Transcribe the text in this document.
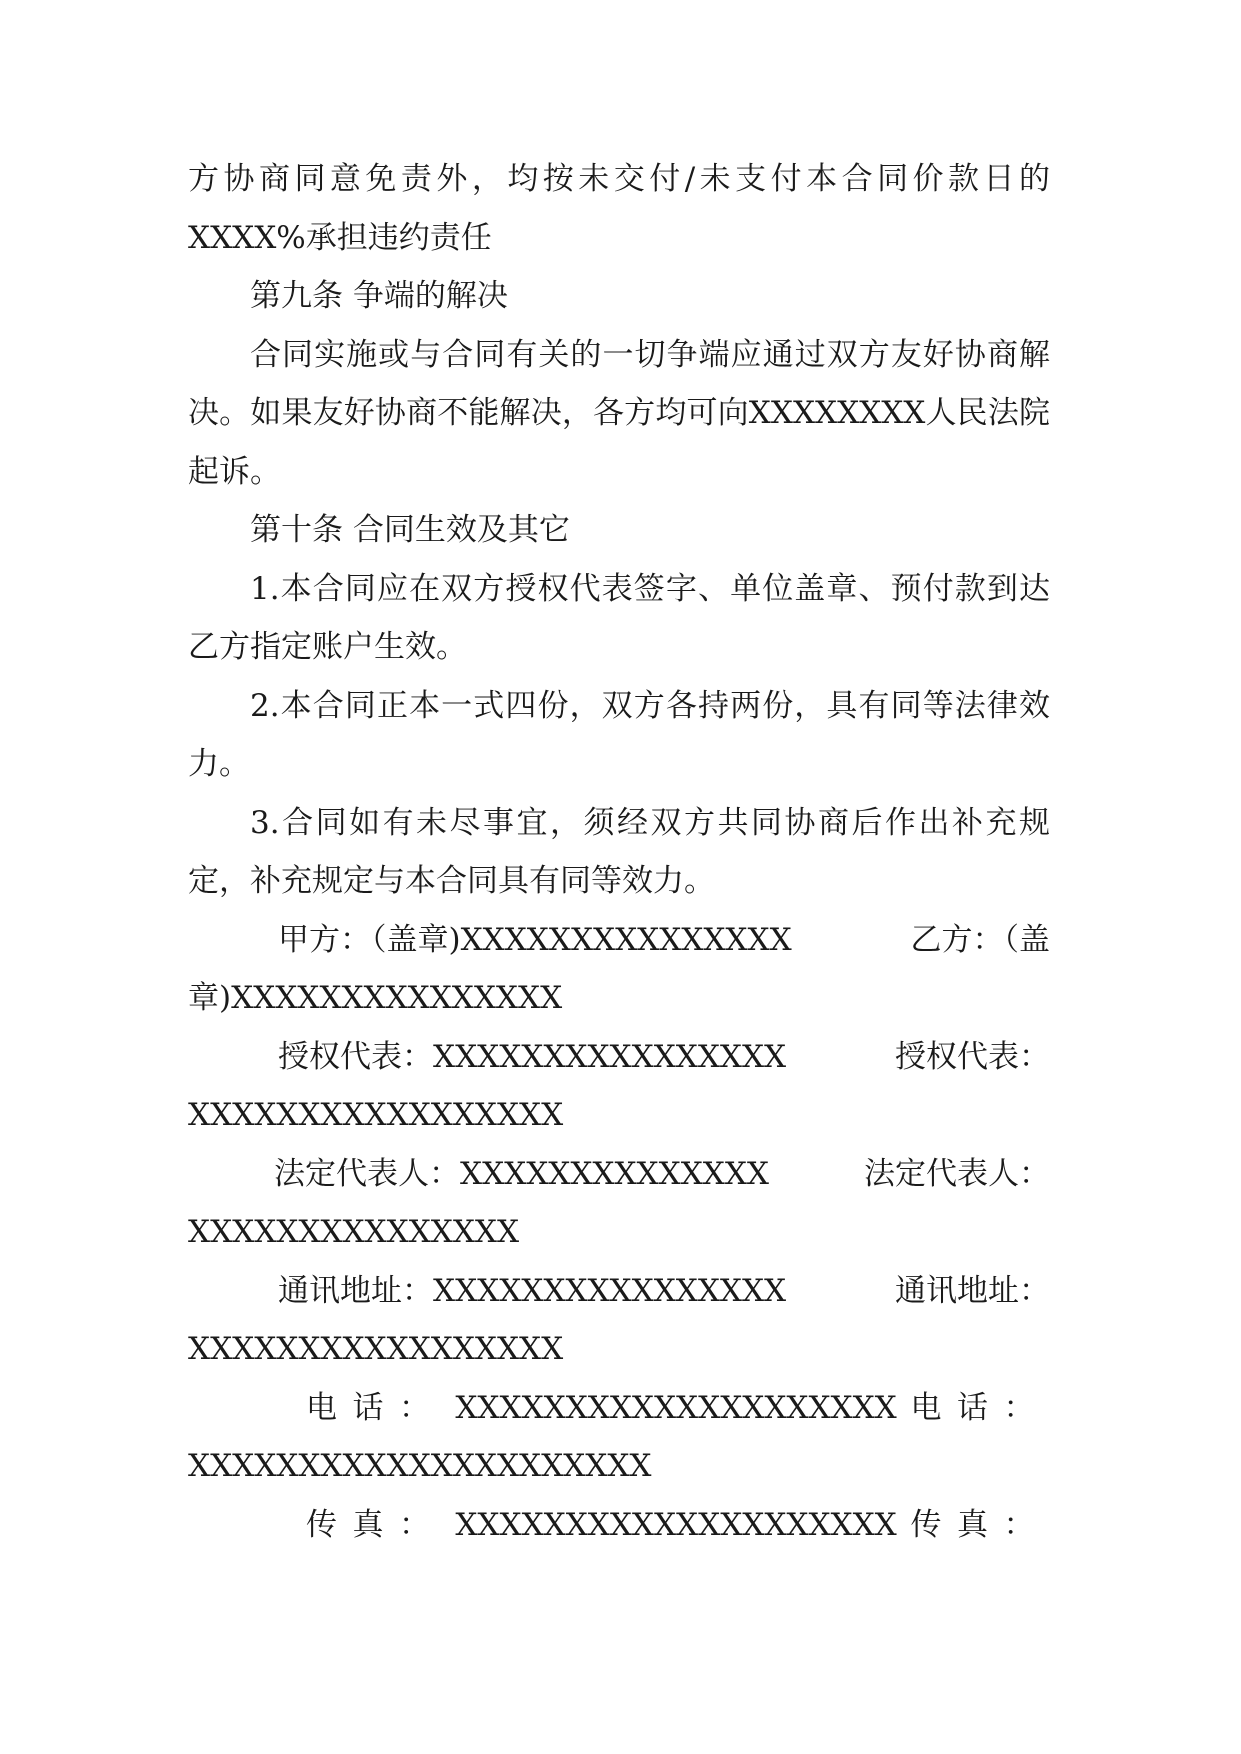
方协商同意免责外，均按未交付/未支付本合同价款日的XXXX%承担违约责任

第九条 争端的解决

合同实施或与合同有关的一切争端应通过双方友好协商解决。如果友好协商不能解决，各方均可向XXXXXXXX人民法院起诉。

第十条 合同生效及其它

1.本合同应在双方授权代表签字、单位盖章、预付款到达乙方指定账户生效。

2.本合同正本一式四份，双方各持两份，具有同等法律效力。

3.合同如有未尽事宜，须经双方共同协商后作出补充规定，补充规定与本合同具有同等效力。

甲方：（盖章)XXXXXXXXXXXXXXX	乙方：（盖
章)XXXXXXXXXXXXXXX
授权代表：XXXXXXXXXXXXXXXX	授权代表：
XXXXXXXXXXXXXXXXX
法定代表人：XXXXXXXXXXXXXX	法定代表人：
XXXXXXXXXXXXXXX
通讯地址：XXXXXXXXXXXXXXXX	通讯地址：
XXXXXXXXXXXXXXXXX
电话： XXXXXXXXXXXXXXXXXXXX 电话：
XXXXXXXXXXXXXXXXXXXXX
传真： XXXXXXXXXXXXXXXXXXXX 传真：
